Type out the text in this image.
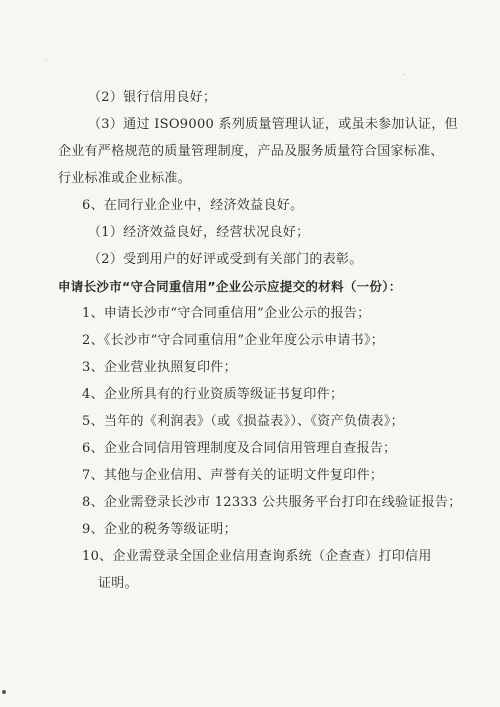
（2）银行信用良好；
（3）通过 ISO9000 系列质量管理认证，或虽未参加认证，但
企业有严格规范的质量管理制度，产品及服务质量符合国家标准、
行业标准或企业标准。
6、在同行业企业中，经济效益良好。
（1）经济效益良好，经营状况良好；
（2）受到用户的好评或受到有关部门的表彰。
申请长沙市“守合同重信用”企业公示应提交的材料（一份）：
1、申请长沙市“守合同重信用”企业公示的报告；
2、《长沙市“守合同重信用”企业年度公示申请书》；
3、企业营业执照复印件；
4、企业所具有的行业资质等级证书复印件；
5、当年的《利润表》（或《损益表》）、《资产负债表》；
6、企业合同信用管理制度及合同信用管理自查报告；
7、其他与企业信用、声誉有关的证明文件复印件；
8、企业需登录长沙市 12333 公共服务平台打印在线验证报告；
9、企业的税务等级证明；
10、企业需登录全国企业信用查询系统（企查查）打印信用
证明。
